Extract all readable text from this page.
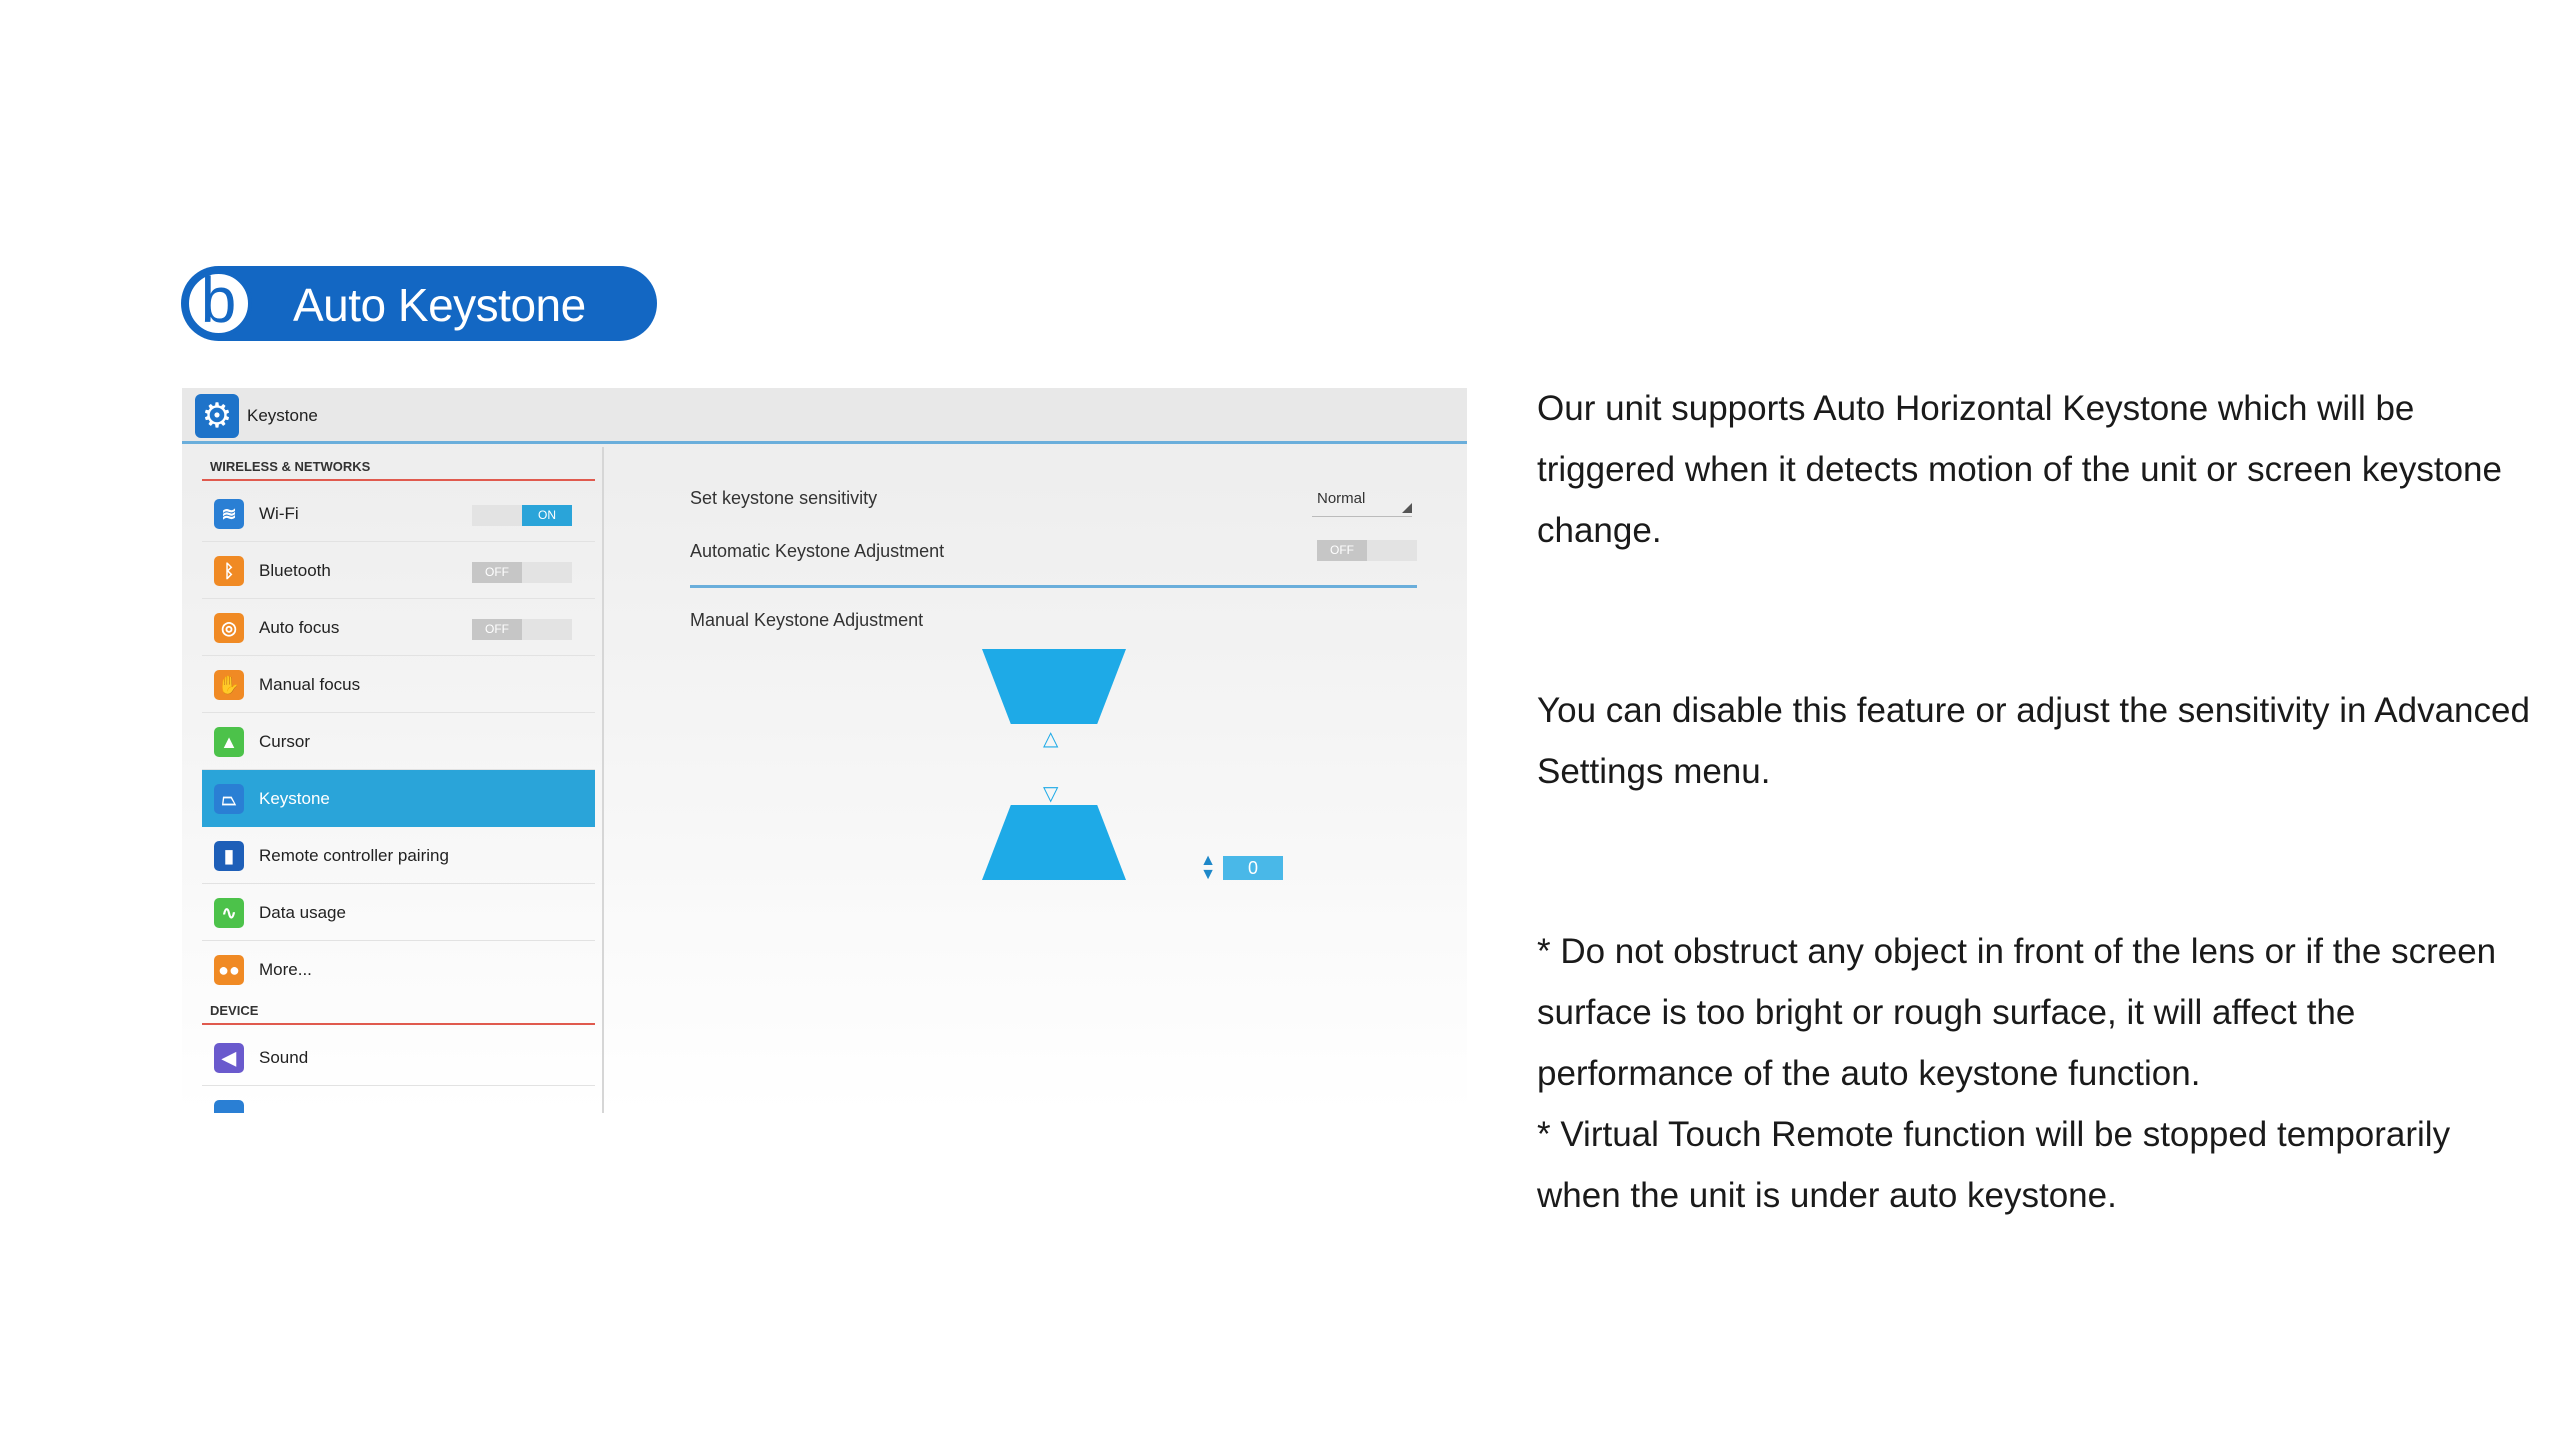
b Auto Keystone
⚙ Keystone
WIRELESS & NETWORKS
≋	Wi-Fi	ON
ᛒ	Bluetooth	OFF
◎	Auto focus	OFF
✋ Manual focus
▲	Cursor
⏢	Keystone
▮	Remote controller pairing
∿	Data usage
●● More...
DEVICE
◀	Sound
Set keystone sensitivity	Normal
Automatic Keystone Adjustment	OFF
Manual Keystone Adjustment
△
▽
▲
▼	0

Our unit supports Auto Horizontal Keystone which will be triggered when it detects motion of the unit or screen keystone change.

You can disable this feature or adjust the sensitivity in Advanced Settings menu.

* Do not obstruct any object in front of the lens or if the screen surface is too bright or rough surface, it will affect the performance of the auto keystone function.

* Virtual Touch Remote function will be stopped temporarily when the unit is under auto keystone.
